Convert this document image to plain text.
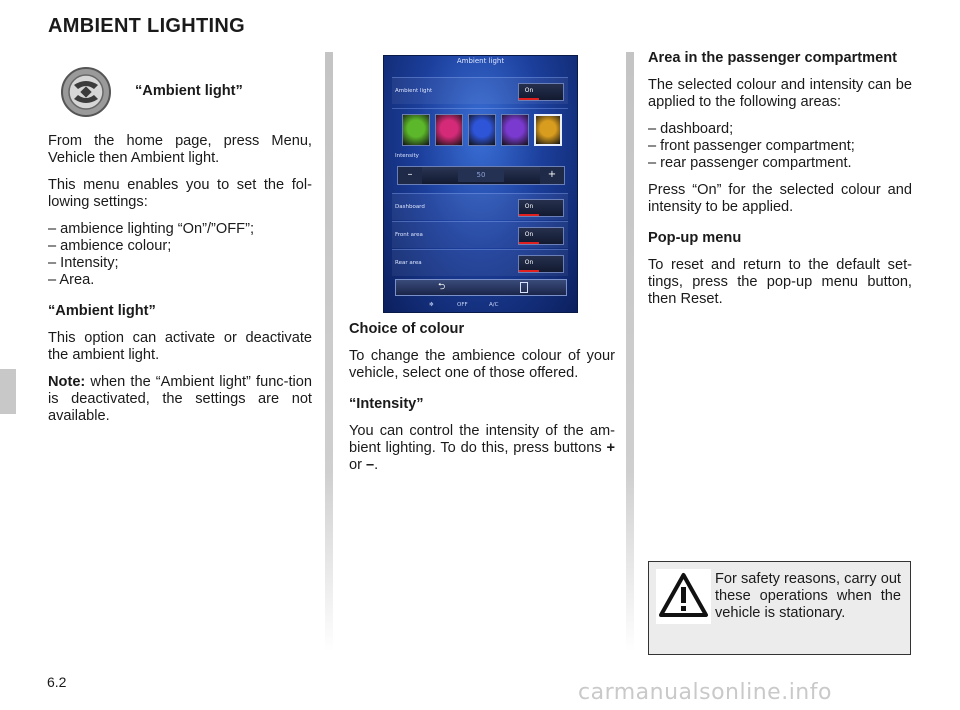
AMBIENT LIGHTING
“Ambient light”

From the home page, press Menu, Vehicle then Ambient light.

This menu enables you to set the fol-lowing settings:

– ambience lighting “On”/”OFF”;
– ambience colour;
– Intensity;
– Area.

“Ambient light”

This option can activate or deactivate the ambient light.

Note: when the “Ambient light” func-tion is deactivated, the settings are not available.

Ambient light
Ambient light	On
Intensity
–	50	+
Dashboard	On
Front area	On
Rear area	On
⮌
✻	OFF	A/C

Choice of colour

To change the ambience colour of your vehicle, select one of those offered.

“Intensity”

You can control the intensity of the am-bient lighting. To do this, press buttons + or –.

Area in the passenger compartment

The selected colour and intensity can be applied to the following areas:

– dashboard;
– front passenger compartment;
– rear passenger compartment.

Press “On” for the selected colour and intensity to be applied.

Pop-up menu

To reset and return to the default set-tings, press the pop-up menu button, then Reset.

For safety reasons, carry out these operations when the vehicle is stationary.
6.2	carmanualsonline.info
